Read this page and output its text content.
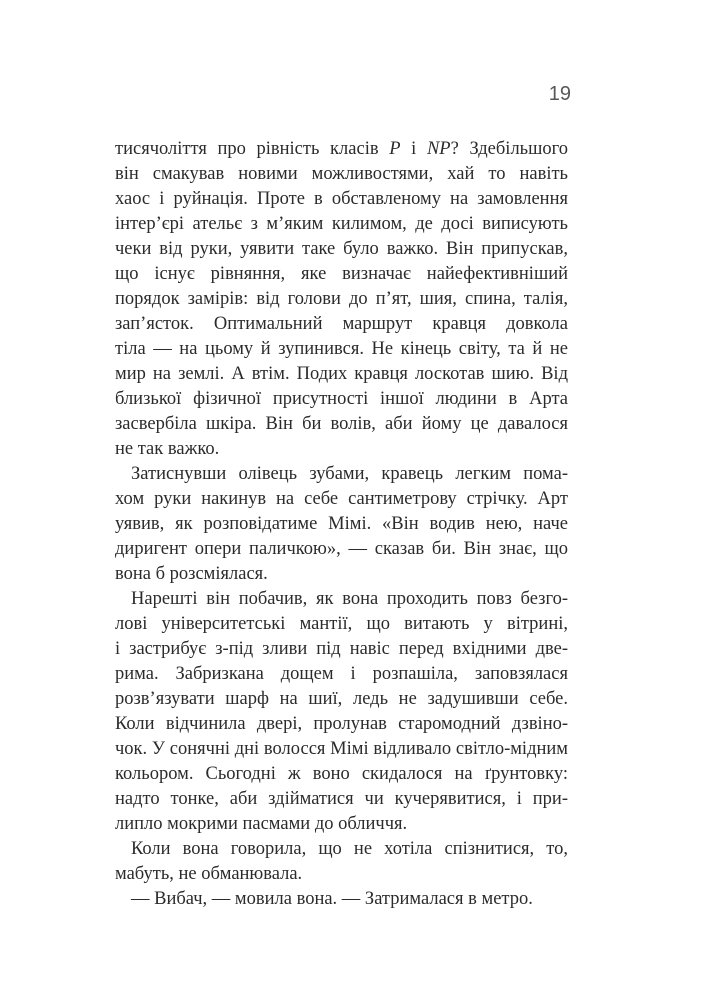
19
тисячоліття про рівність класів P і NP? Здебільшого
він смакував новими можливостями, хай то навіть
хаос і руйнація. Проте в обставленому на замовлення
інтер’єрі ательє з м’яким килимом, де досі виписують
чеки від руки, уявити таке було важко. Він припускав,
що існує рівняння, яке визначає найефективніший
порядок замірів: від голови до п’ят, шия, спина, талія,
зап’ясток. Оптимальний маршрут кравця довкола
тіла — на цьому й зупинився. Не кінець світу, та й не
мир на землі. А втім. Подих кравця лоскотав шию. Від
близької фізичної присутності іншої людини в Арта
засвербіла шкіра. Він би волів, аби йому це давалося
не так важко.
Затиснувши олівець зубами, кравець легким пома-
хом руки накинув на себе сантиметрову стрічку. Арт
уявив, як розповідатиме Мімі. «Він водив нею, наче
диригент опери паличкою», — сказав би. Він знає, що
вона б розсміялася.
Нарешті він побачив, як вона проходить повз безго-
лові університетські мантії, що витають у вітрині,
і застрибує з-під зливи під навіс перед вхідними две-
рима. Забризкана дощем і розпашіла, заповзялася
розв’язувати шарф на шиї, ледь не задушивши себе.
Коли відчинила двері, пролунав старомодний дзвіно-
чок. У сонячні дні волосся Мімі відливало світло-мідним
кольором. Сьогодні ж воно скидалося на ґрунтовку:
надто тонке, аби здійматися чи кучерявитися, і при-
липло мокрими пасмами до обличчя.
Коли вона говорила, що не хотіла спізнитися, то,
мабуть, не обманювала.
— Вибач, — мовила вона. — Затрималася в метро.
